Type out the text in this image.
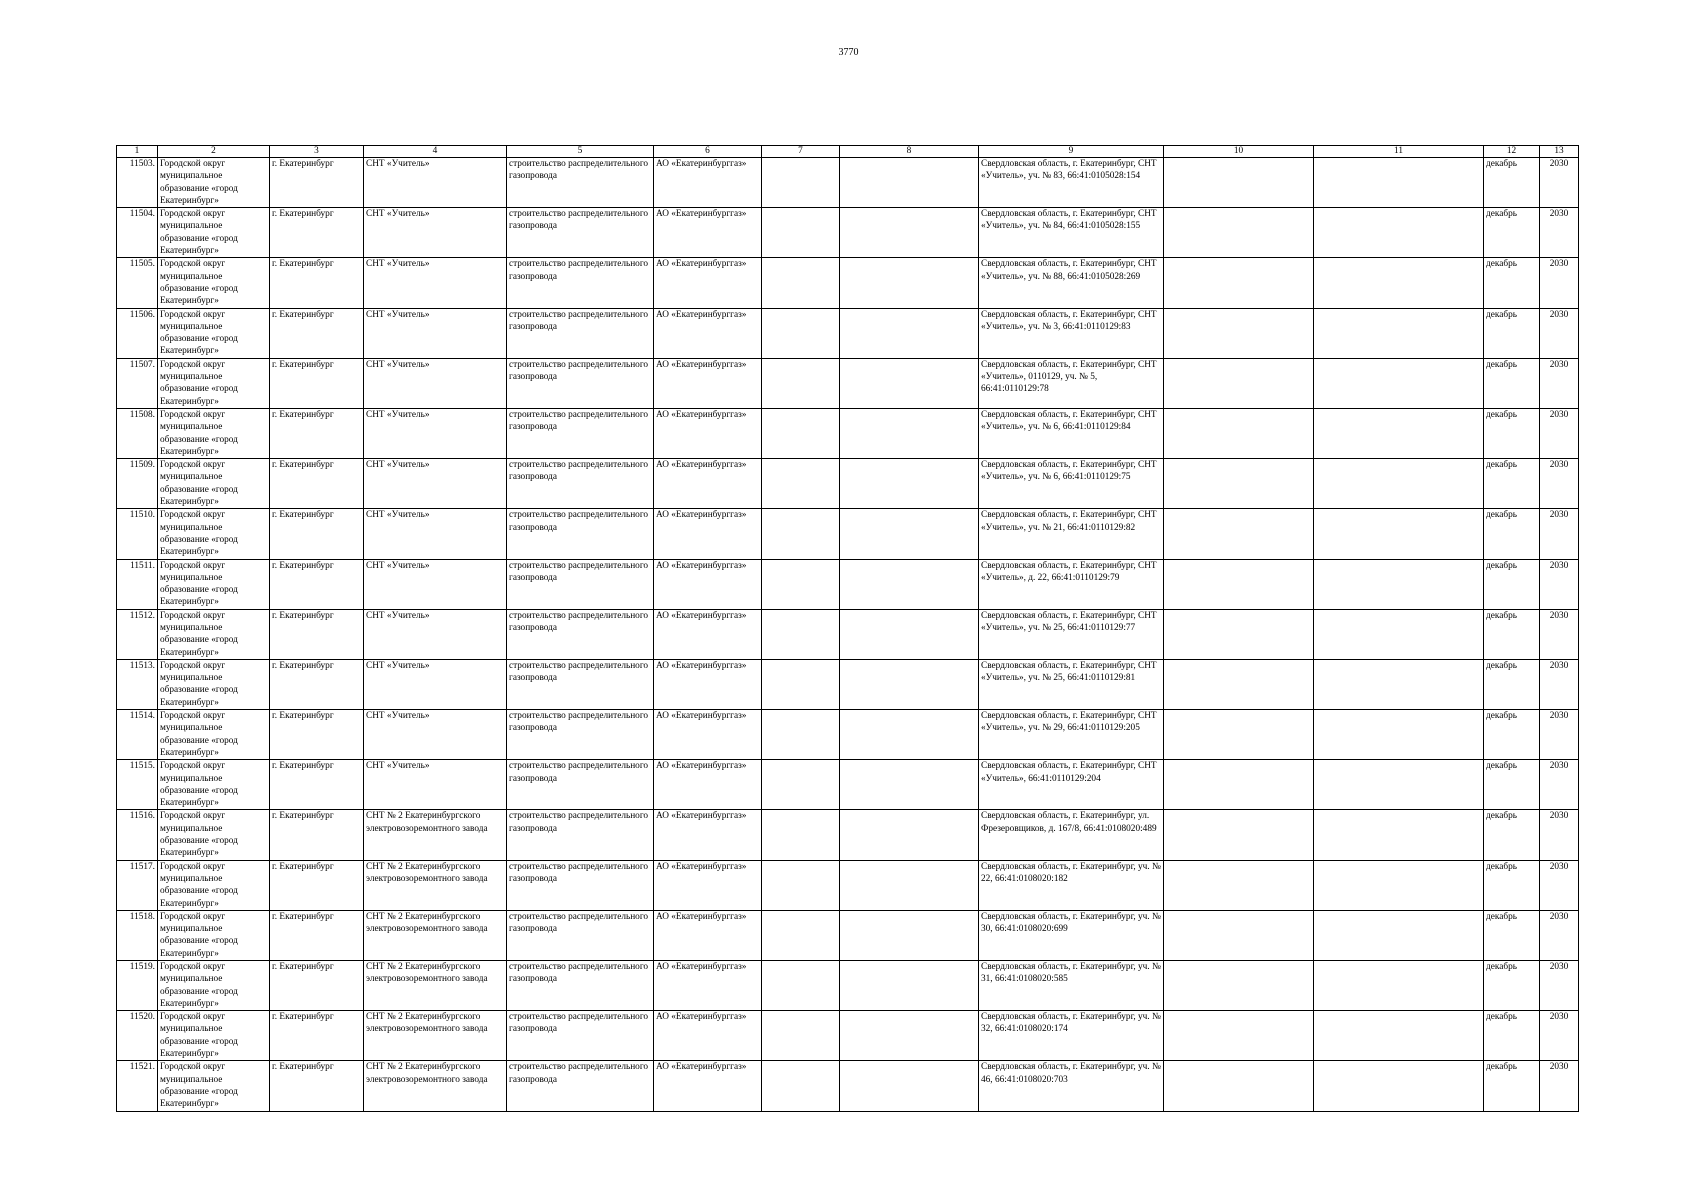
3770
1	2	3	4	5	6	7	8	9	10	11	12	13
11503.	Городской округ муниципальное образование «город Екатеринбург»	г. Екатеринбург	СНТ «Учитель»	строительство распределительного газопровода	АО «Екатеринбурггаз»			Свердловская область, г. Екатеринбург, СНТ «Учитель», уч. № 83, 66:41:0105028:154			декабрь	2030
11504.	Городской округ муниципальное образование «город Екатеринбург»	г. Екатеринбург	СНТ «Учитель»	строительство распределительного газопровода	АО «Екатеринбурггаз»			Свердловская область, г. Екатеринбург, СНТ «Учитель», уч. № 84, 66:41:0105028:155			декабрь	2030
11505.	Городской округ муниципальное образование «город Екатеринбург»	г. Екатеринбург	СНТ «Учитель»	строительство распределительного газопровода	АО «Екатеринбурггаз»			Свердловская область, г. Екатеринбург, СНТ «Учитель», уч. № 88, 66:41:0105028:269			декабрь	2030
11506.	Городской округ муниципальное образование «город Екатеринбург»	г. Екатеринбург	СНТ «Учитель»	строительство распределительного газопровода	АО «Екатеринбурггаз»			Свердловская область, г. Екатеринбург, СНТ «Учитель», уч. № 3, 66:41:0110129:83			декабрь	2030
11507.	Городской округ муниципальное образование «город Екатеринбург»	г. Екатеринбург	СНТ «Учитель»	строительство распределительного газопровода	АО «Екатеринбурггаз»			Свердловская область, г. Екатеринбург, СНТ «Учитель», 0110129, уч. № 5, 66:41:0110129:78			декабрь	2030
11508.	Городской округ муниципальное образование «город Екатеринбург»	г. Екатеринбург	СНТ «Учитель»	строительство распределительного газопровода	АО «Екатеринбурггаз»			Свердловская область, г. Екатеринбург, СНТ «Учитель», уч. № 6, 66:41:0110129:84			декабрь	2030
11509.	Городской округ муниципальное образование «город Екатеринбург»	г. Екатеринбург	СНТ «Учитель»	строительство распределительного газопровода	АО «Екатеринбурггаз»			Свердловская область, г. Екатеринбург, СНТ «Учитель», уч. № 6, 66:41:0110129:75			декабрь	2030
11510.	Городской округ муниципальное образование «город Екатеринбург»	г. Екатеринбург	СНТ «Учитель»	строительство распределительного газопровода	АО «Екатеринбурггаз»			Свердловская область, г. Екатеринбург, СНТ «Учитель», уч. № 21, 66:41:0110129:82			декабрь	2030
11511.	Городской округ муниципальное образование «город Екатеринбург»	г. Екатеринбург	СНТ «Учитель»	строительство распределительного газопровода	АО «Екатеринбурггаз»			Свердловская область, г. Екатеринбург, СНТ «Учитель», д. 22, 66:41:0110129:79			декабрь	2030
11512.	Городской округ муниципальное образование «город Екатеринбург»	г. Екатеринбург	СНТ «Учитель»	строительство распределительного газопровода	АО «Екатеринбурггаз»			Свердловская область, г. Екатеринбург, СНТ «Учитель», уч. № 25, 66:41:0110129:77			декабрь	2030
11513.	Городской округ муниципальное образование «город Екатеринбург»	г. Екатеринбург	СНТ «Учитель»	строительство распределительного газопровода	АО «Екатеринбурггаз»			Свердловская область, г. Екатеринбург, СНТ «Учитель», уч. № 25, 66:41:0110129:81			декабрь	2030
11514.	Городской округ муниципальное образование «город Екатеринбург»	г. Екатеринбург	СНТ «Учитель»	строительство распределительного газопровода	АО «Екатеринбурггаз»			Свердловская область, г. Екатеринбург, СНТ «Учитель», уч. № 29, 66:41:0110129:205			декабрь	2030
11515.	Городской округ муниципальное образование «город Екатеринбург»	г. Екатеринбург	СНТ «Учитель»	строительство распределительного газопровода	АО «Екатеринбурггаз»			Свердловская область, г. Екатеринбург, СНТ «Учитель», 66:41:0110129:204			декабрь	2030
11516.	Городской округ муниципальное образование «город Екатеринбург»	г. Екатеринбург	СНТ № 2 Екатеринбургского электровозоремонтного завода	строительство распределительного газопровода	АО «Екатеринбурггаз»			Свердловская область, г. Екатеринбург, ул. Фрезеровщиков, д. 167/8, 66:41:0108020:489			декабрь	2030
11517.	Городской округ муниципальное образование «город Екатеринбург»	г. Екатеринбург	СНТ № 2 Екатеринбургского электровозоремонтного завода	строительство распределительного газопровода	АО «Екатеринбурггаз»			Свердловская область, г. Екатеринбург, уч. № 22, 66:41:0108020:182			декабрь	2030
11518.	Городской округ муниципальное образование «город Екатеринбург»	г. Екатеринбург	СНТ № 2 Екатеринбургского электровозоремонтного завода	строительство распределительного газопровода	АО «Екатеринбурггаз»			Свердловская область, г. Екатеринбург, уч. № 30, 66:41:0108020:699			декабрь	2030
11519.	Городской округ муниципальное образование «город Екатеринбург»	г. Екатеринбург	СНТ № 2 Екатеринбургского электровозоремонтного завода	строительство распределительного газопровода	АО «Екатеринбурггаз»			Свердловская область, г. Екатеринбург, уч. № 31, 66:41:0108020:585			декабрь	2030
11520.	Городской округ муниципальное образование «город Екатеринбург»	г. Екатеринбург	СНТ № 2 Екатеринбургского электровозоремонтного завода	строительство распределительного газопровода	АО «Екатеринбурггаз»			Свердловская область, г. Екатеринбург, уч. № 32, 66:41:0108020:174			декабрь	2030
11521.	Городской округ муниципальное образование «город Екатеринбург»	г. Екатеринбург	СНТ № 2 Екатеринбургского электровозоремонтного завода	строительство распределительного газопровода	АО «Екатеринбурггаз»			Свердловская область, г. Екатеринбург, уч. № 46, 66:41:0108020:703			декабрь	2030
